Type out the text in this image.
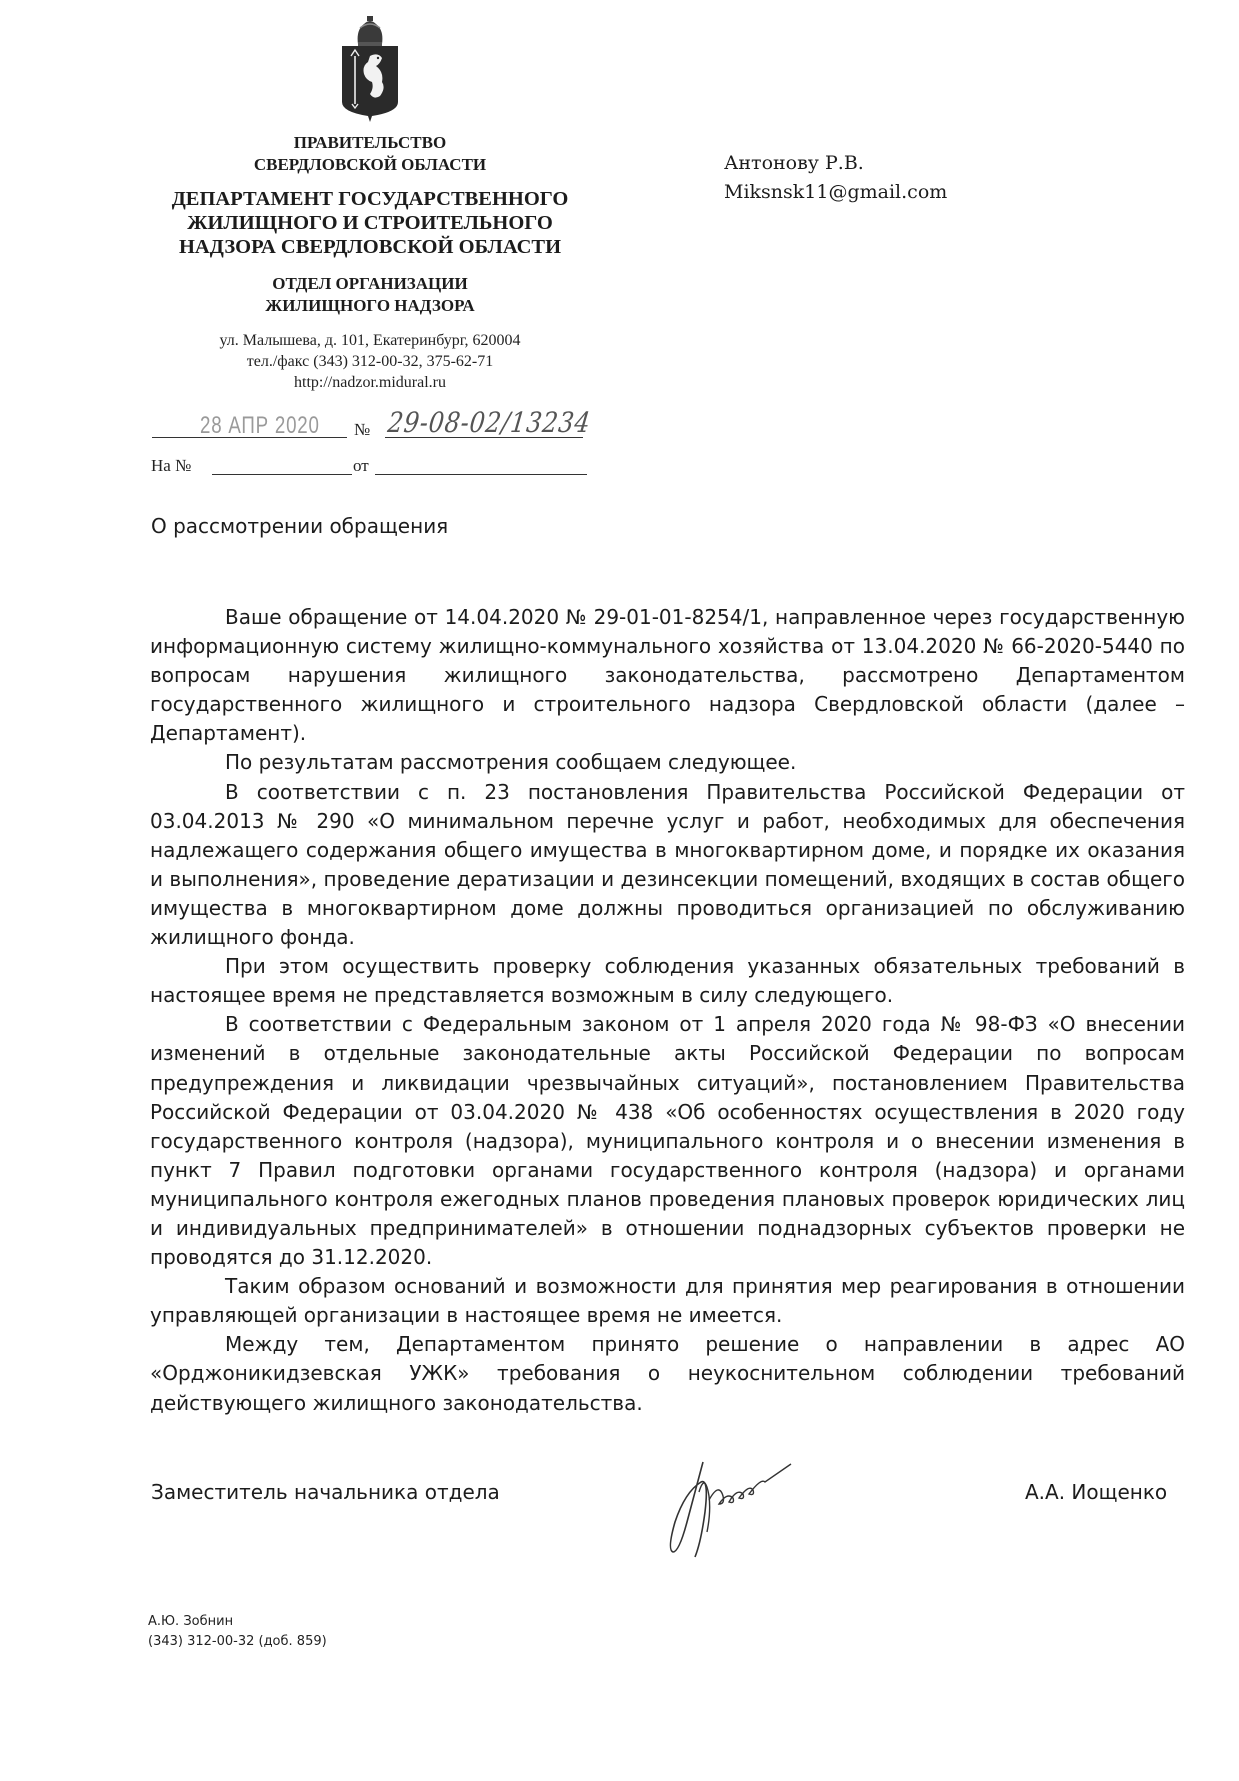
ПРАВИТЕЛЬСТВО
СВЕРДЛОВСКОЙ ОБЛАСТИ
ДЕПАРТАМЕНТ ГОСУДАРСТВЕННОГО
ЖИЛИЩНОГО И СТРОИТЕЛЬНОГО
НАДЗОРА СВЕРДЛОВСКОЙ ОБЛАСТИ
ОТДЕЛ ОРГАНИЗАЦИИ
ЖИЛИЩНОГО НАДЗОРА
ул. Малышева, д. 101, Екатеринбург, 620004
тел./факс (343) 312-00-32, 375-62-71
http://nadzor.midural.ru
Антонову Р.В.
Miksnsk11@gmail.com
28 АПР 2020 № 29-08-02/13234
На №	от
О рассмотрении обращения

Ваше обращение от 14.04.2020 № 29-01-01-8254/1, направленное через государственную информационную систему жилищно-коммунального хозяйства от 13.04.2020 № 66-2020-5440 по вопросам нарушения жилищного законодательства, рассмотрено Департаментом государственного жилищного и строительного надзора Свердловской области (далее – Департамент).

По результатам рассмотрения сообщаем следующее.

В соответствии с п. 23 постановления Правительства Российской Федерации от 03.04.2013 № 290 «О минимальном перечне услуг и работ, необходимых для обеспечения надлежащего содержания общего имущества в многоквартирном доме, и порядке их оказания и выполнения», проведение дератизации и дезинсекции помещений, входящих в состав общего имущества в многоквартирном доме должны проводиться организацией по обслуживанию жилищного фонда.

При этом осуществить проверку соблюдения указанных обязательных требований в настоящее время не представляется возможным в силу следующего.

В соответствии с Федеральным законом от 1 апреля 2020 года № 98-ФЗ «О внесении изменений в отдельные законодательные акты Российской Федерации по вопросам предупреждения и ликвидации чрезвычайных ситуаций», постановлением Правительства Российской Федерации от 03.04.2020 № 438 «Об особенностях осуществления в 2020 году государственного контроля (надзора), муниципального контроля и о внесении изменения в пункт 7 Правил подготовки органами государственного контроля (надзора) и органами муниципального контроля ежегодных планов проведения плановых проверок юридических лиц и индивидуальных предпринимателей» в отношении поднадзорных субъектов проверки не проводятся до 31.12.2020.

Таким образом оснований и возможности для принятия мер реагирования в отношении управляющей организации в настоящее время не имеется.

Между тем, Департаментом принято решение о направлении в адрес АО «Орджоникидзевская УЖК» требования о неукоснительном соблюдении требований действующего жилищного законодательства.

Заместитель начальника отдела	А.А. Иощенко
А.Ю. Зобнин
(343) 312-00-32 (доб. 859)
